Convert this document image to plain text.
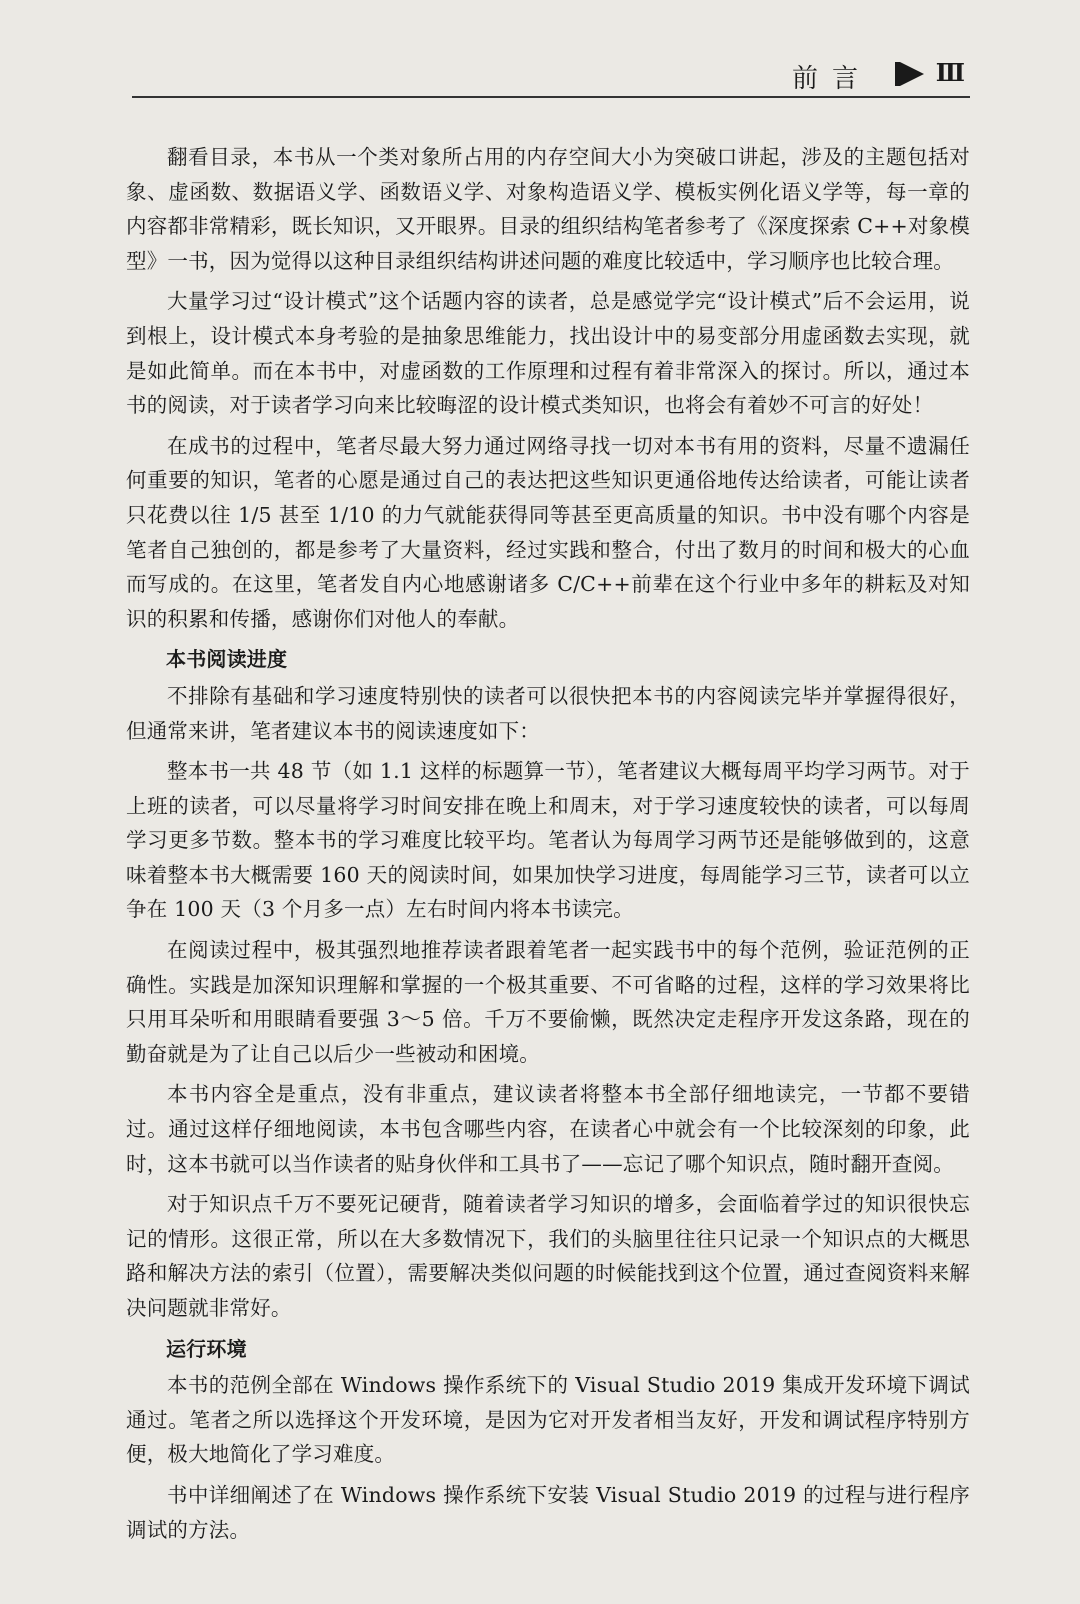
前言	Ⅲ

翻看目录，本书从一个类对象所占用的内存空间大小为突破口讲起，涉及的主题包括对象、虚函数、数据语义学、函数语义学、对象构造语义学、模板实例化语义学等，每一章的内容都非常精彩，既长知识，又开眼界。目录的组织结构笔者参考了《深度探索 C++对象模型》一书，因为觉得以这种目录组织结构讲述问题的难度比较适中，学习顺序也比较合理。

大量学习过“设计模式”这个话题内容的读者，总是感觉学完“设计模式”后不会运用，说到根上，设计模式本身考验的是抽象思维能力，找出设计中的易变部分用虚函数去实现，就是如此简单。而在本书中，对虚函数的工作原理和过程有着非常深入的探讨。所以，通过本书的阅读，对于读者学习向来比较晦涩的设计模式类知识，也将会有着妙不可言的好处！

在成书的过程中，笔者尽最大努力通过网络寻找一切对本书有用的资料，尽量不遗漏任何重要的知识，笔者的心愿是通过自己的表达把这些知识更通俗地传达给读者，可能让读者只花费以往 1/5 甚至 1/10 的力气就能获得同等甚至更高质量的知识。书中没有哪个内容是笔者自己独创的，都是参考了大量资料，经过实践和整合，付出了数月的时间和极大的心血而写成的。在这里，笔者发自内心地感谢诸多 C/C++前辈在这个行业中多年的耕耘及对知识的积累和传播，感谢你们对他人的奉献。

本书阅读进度

不排除有基础和学习速度特别快的读者可以很快把本书的内容阅读完毕并掌握得很好，但通常来讲，笔者建议本书的阅读速度如下：

整本书一共 48 节（如 1.1 这样的标题算一节），笔者建议大概每周平均学习两节。对于上班的读者，可以尽量将学习时间安排在晚上和周末，对于学习速度较快的读者，可以每周学习更多节数。整本书的学习难度比较平均。笔者认为每周学习两节还是能够做到的，这意味着整本书大概需要 160 天的阅读时间，如果加快学习进度，每周能学习三节，读者可以立争在 100 天（3 个月多一点）左右时间内将本书读完。

在阅读过程中，极其强烈地推荐读者跟着笔者一起实践书中的每个范例，验证范例的正确性。实践是加深知识理解和掌握的一个极其重要、不可省略的过程，这样的学习效果将比只用耳朵听和用眼睛看要强 3～5 倍。千万不要偷懒，既然决定走程序开发这条路，现在的勤奋就是为了让自己以后少一些被动和困境。

本书内容全是重点，没有非重点，建议读者将整本书全部仔细地读完，一节都不要错过。通过这样仔细地阅读，本书包含哪些内容，在读者心中就会有一个比较深刻的印象，此时，这本书就可以当作读者的贴身伙伴和工具书了——忘记了哪个知识点，随时翻开查阅。

对于知识点千万不要死记硬背，随着读者学习知识的增多，会面临着学过的知识很快忘记的情形。这很正常，所以在大多数情况下，我们的头脑里往往只记录一个知识点的大概思路和解决方法的索引（位置），需要解决类似问题的时候能找到这个位置，通过查阅资料来解决问题就非常好。

运行环境

本书的范例全部在 Windows 操作系统下的 Visual Studio 2019 集成开发环境下调试通过。笔者之所以选择这个开发环境，是因为它对开发者相当友好，开发和调试程序特别方便，极大地简化了学习难度。

书中详细阐述了在 Windows 操作系统下安装 Visual Studio 2019 的过程与进行程序调试的方法。
